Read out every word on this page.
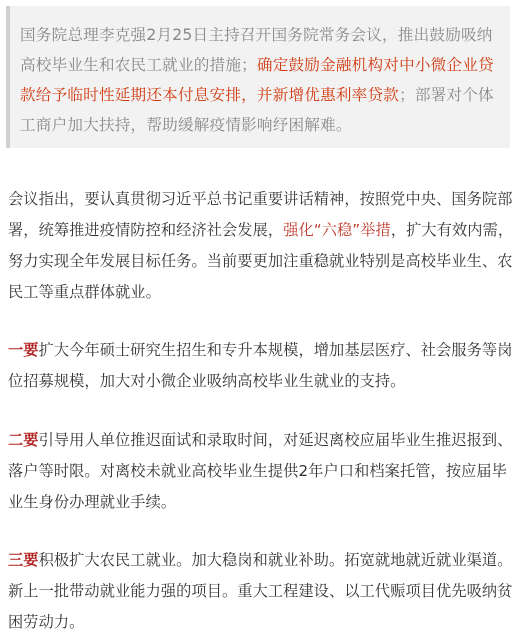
国务院总理李克强2月25日主持召开国务院常务会议，推出鼓励吸纳高校毕业生和农民工就业的措施；确定鼓励金融机构对中小微企业贷款给予临时性延期还本付息安排，并新增优惠利率贷款；部署对个体工商户加大扶持，帮助缓解疫情影响纾困解难。

会议指出，要认真贯彻习近平总书记重要讲话精神，按照党中央、国务院部署，统筹推进疫情防控和经济社会发展，强化“六稳”举措，扩大有效内需，努力实现全年发展目标任务。当前要更加注重稳就业特别是高校毕业生、农民工等重点群体就业。

一要扩大今年硕士研究生招生和专升本规模，增加基层医疗、社会服务等岗位招募规模，加大对小微企业吸纳高校毕业生就业的支持。

二要引导用人单位推迟面试和录取时间，对延迟离校应届毕业生推迟报到、落户等时限。对离校未就业高校毕业生提供2年户口和档案托管，按应届毕业生身份办理就业手续。

三要积极扩大农民工就业。加大稳岗和就业补助。拓宽就地就近就业渠道。新上一批带动就业能力强的项目。重大工程建设、以工代赈项目优先吸纳贫困劳动力。
